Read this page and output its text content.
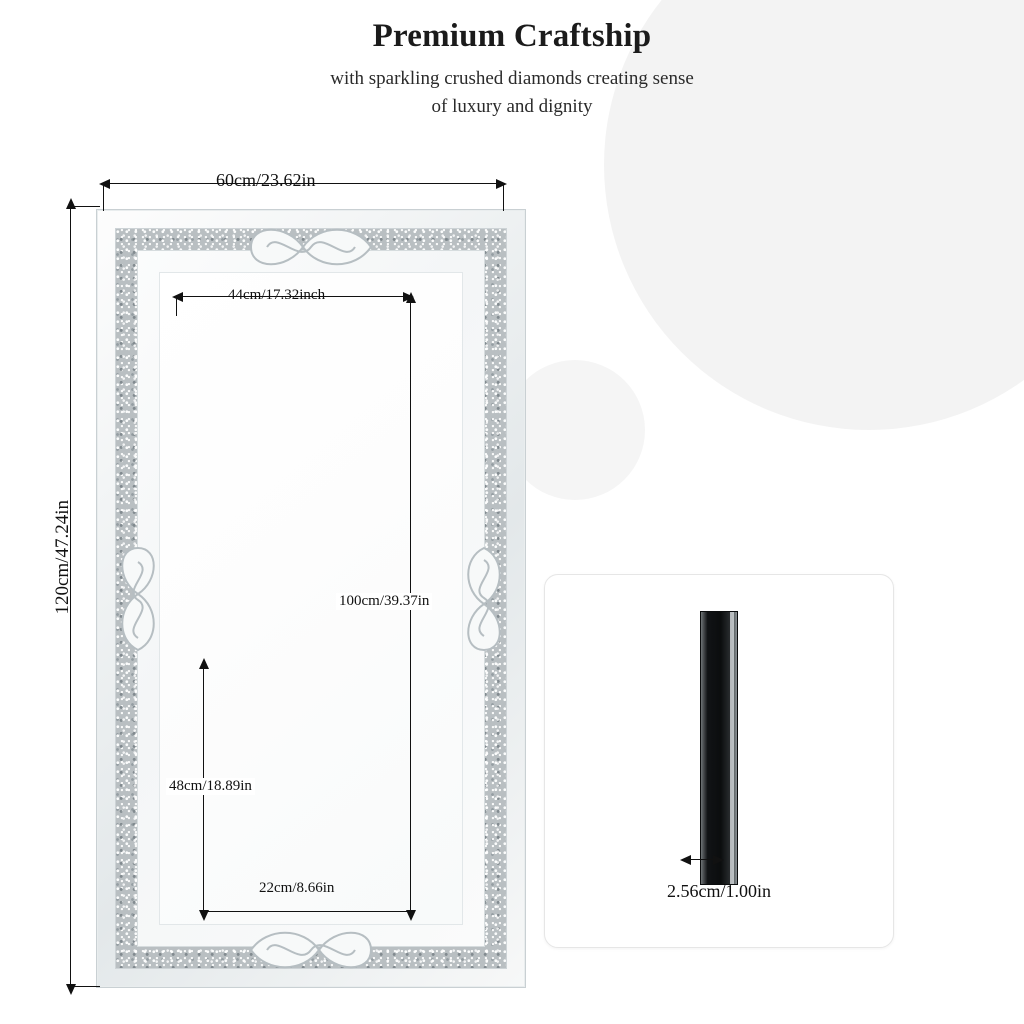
Premium Craftship
with sparkling crushed diamonds creating sense
of luxury and dignity
60cm/23.62in
120cm/47.24in
44cm/17.32inch
100cm/39.37in
48cm/18.89in
22cm/8.66in	2.56cm/1.00in
